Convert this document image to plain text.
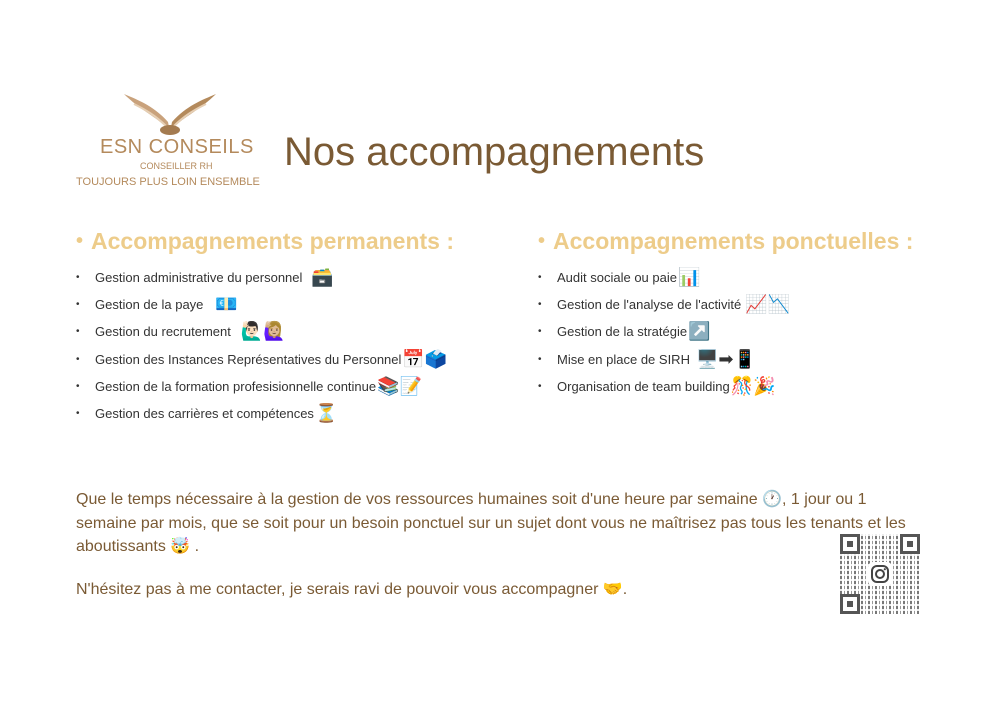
ESN CONSEILS
CONSEILLER RH
TOUJOURS PLUS LOIN ENSEMBLE
Nos accompagnements
• Accompagnements permanents :
•	Gestion administrative du personnel 🗃️
•	Gestion de la paye 💶
•	Gestion du recrutement 🙋🏻‍♂️🙋🏼‍♀️
•	Gestion des Instances Représentatives du Personnel 📅🗳️
•	Gestion de la formation profesisionnelle continue 📚📝
•	Gestion des carrières et compétences ⏳
• Accompagnements ponctuelles :
•	Audit sociale ou paie 📊
•	Gestion de l'analyse de l'activité 📈📉
•	Gestion de la stratégie ↗️
•	Mise en place de SIRH 🖥️➡📱
•	Organisation de team building 🎊🎉
Que le temps nécessaire à la gestion de vos ressources humaines soit d'une heure par semaine 🕐, 1 jour ou 1 semaine par mois, que se soit pour un besoin ponctuel sur un sujet dont vous ne maîtrisez pas tous les tenants et les aboutissants 🤯 .
N'hésitez pas à me contacter, je serais ravi de pouvoir vous accompagner 🤝.
